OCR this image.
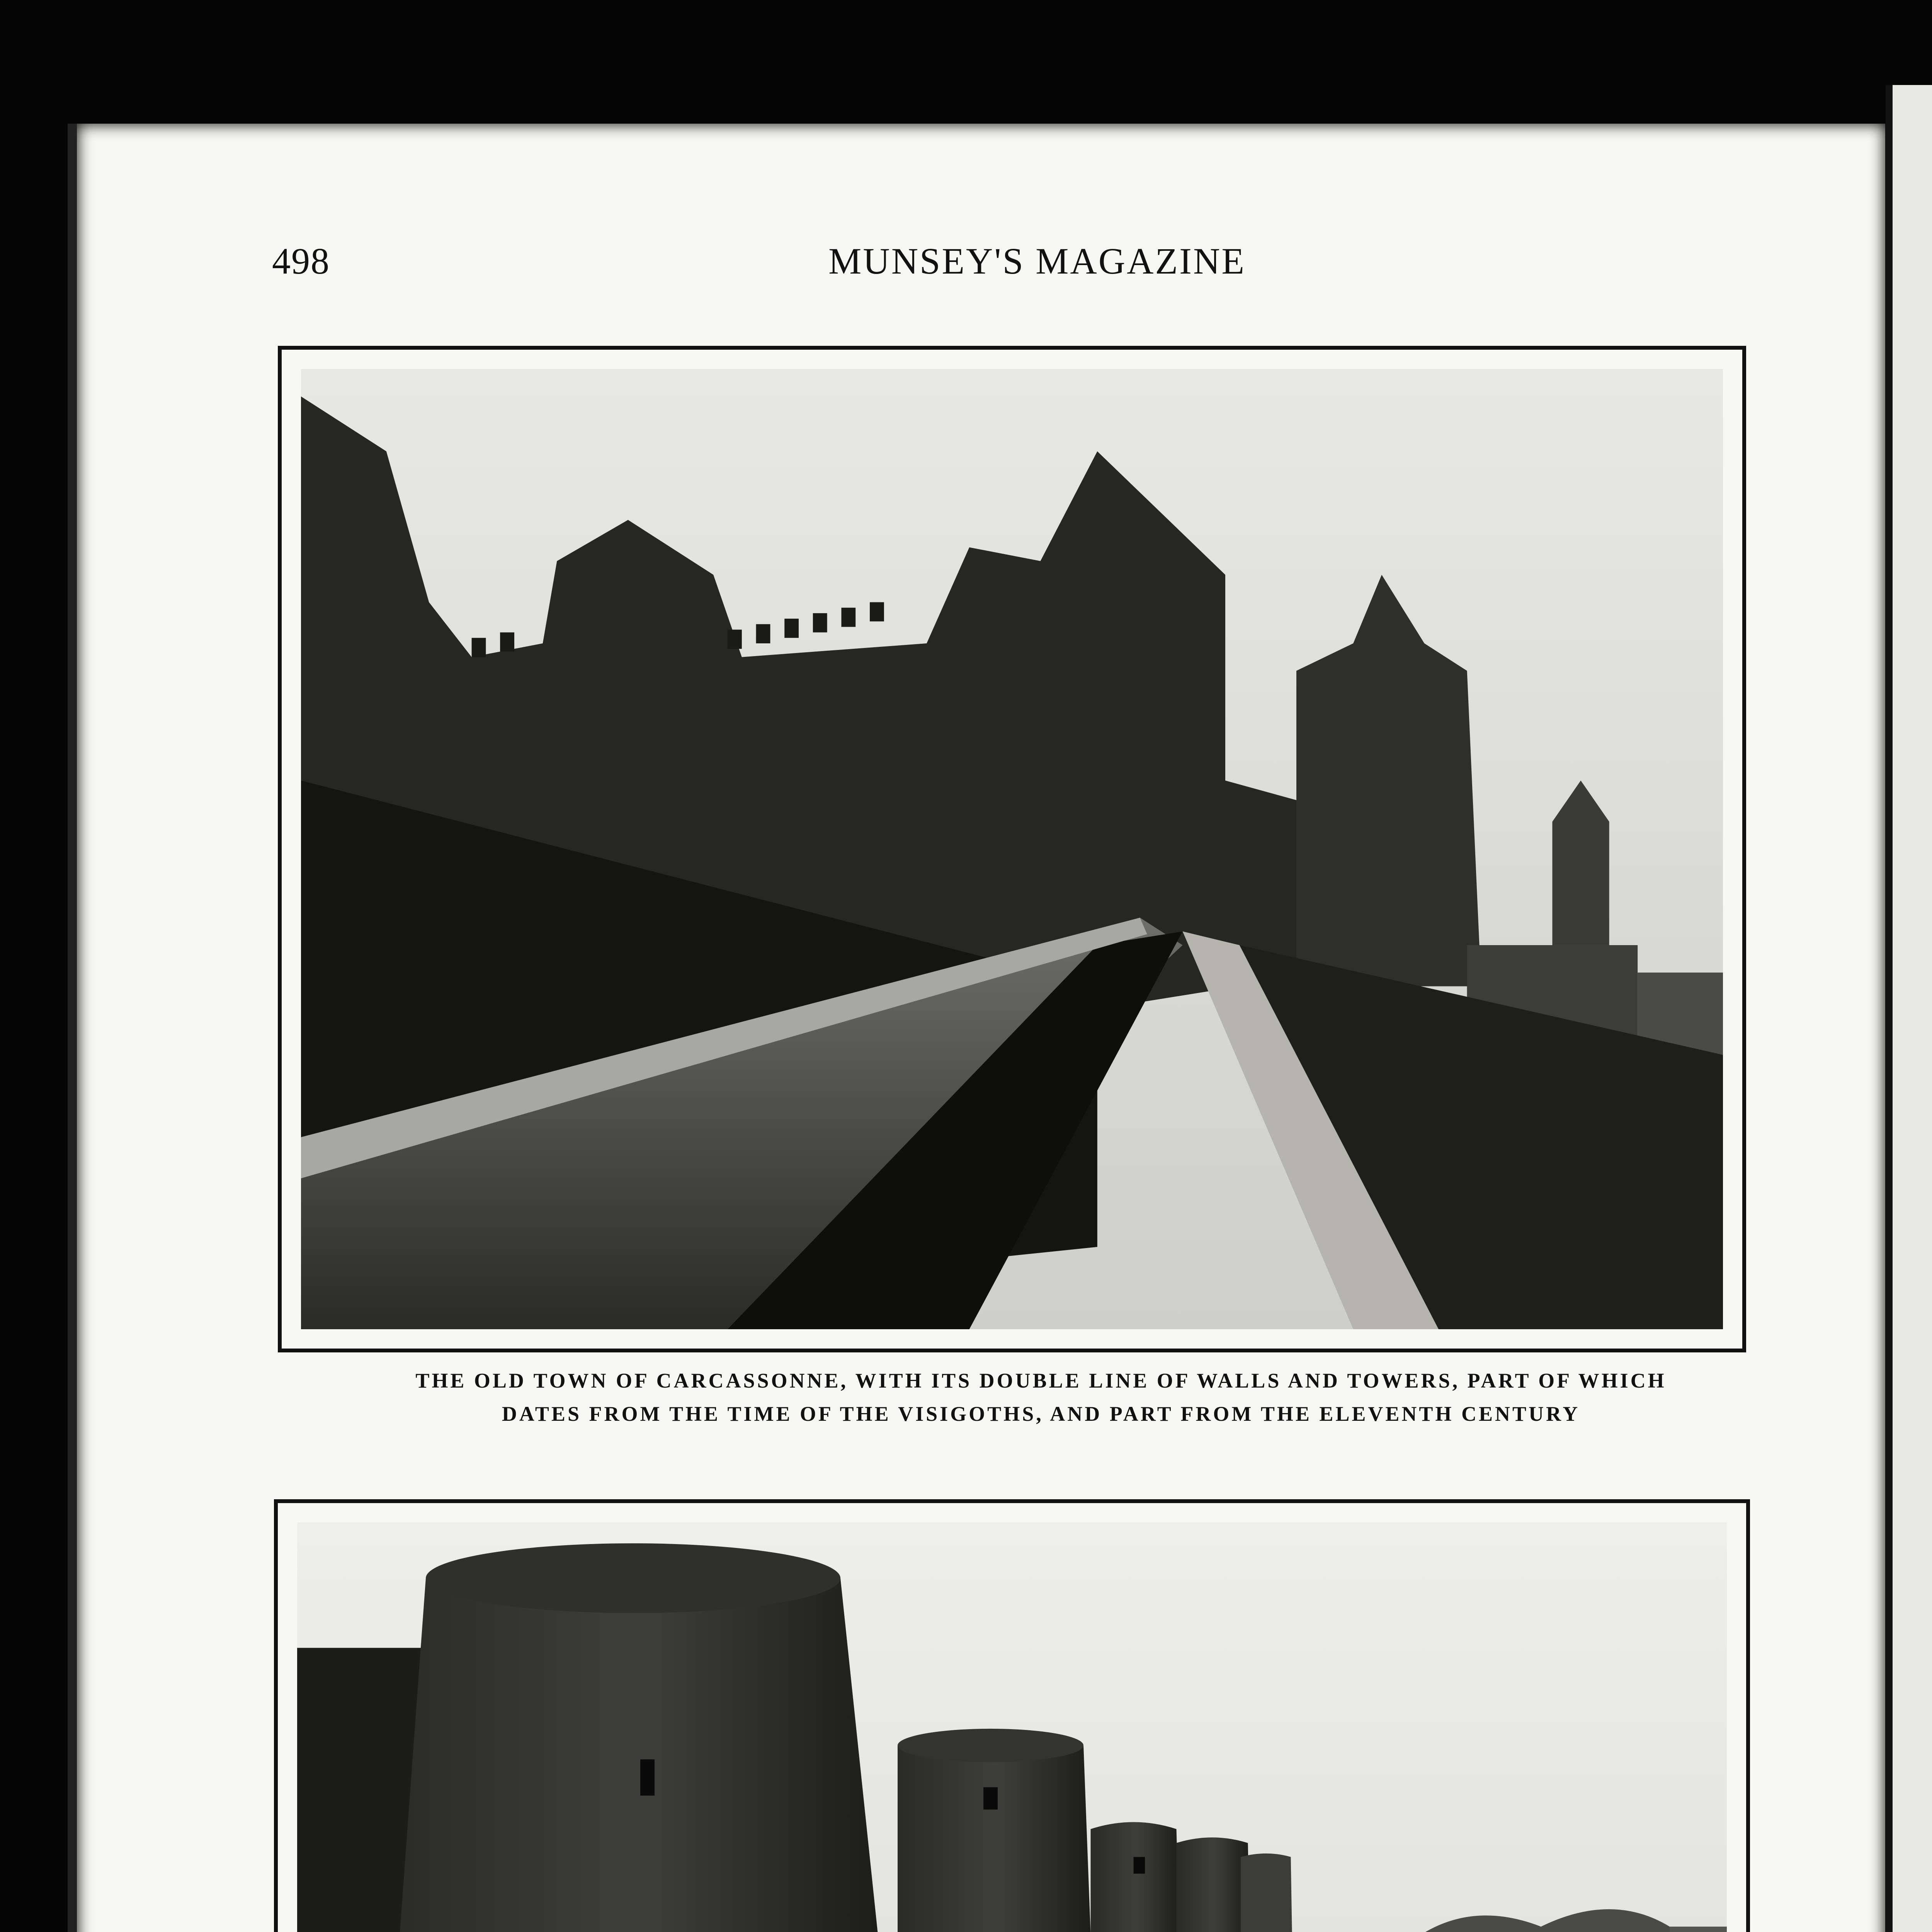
498	MUNSEY'S MAGAZINE
THE OLD TOWN OF CARCASSONNE, WITH ITS DOUBLE LINE OF WALLS AND TOWERS, PART OF WHICH
DATES FROM THE TIME OF THE VISIGOTHS, AND PART FROM THE ELEVENTH CENTURY
